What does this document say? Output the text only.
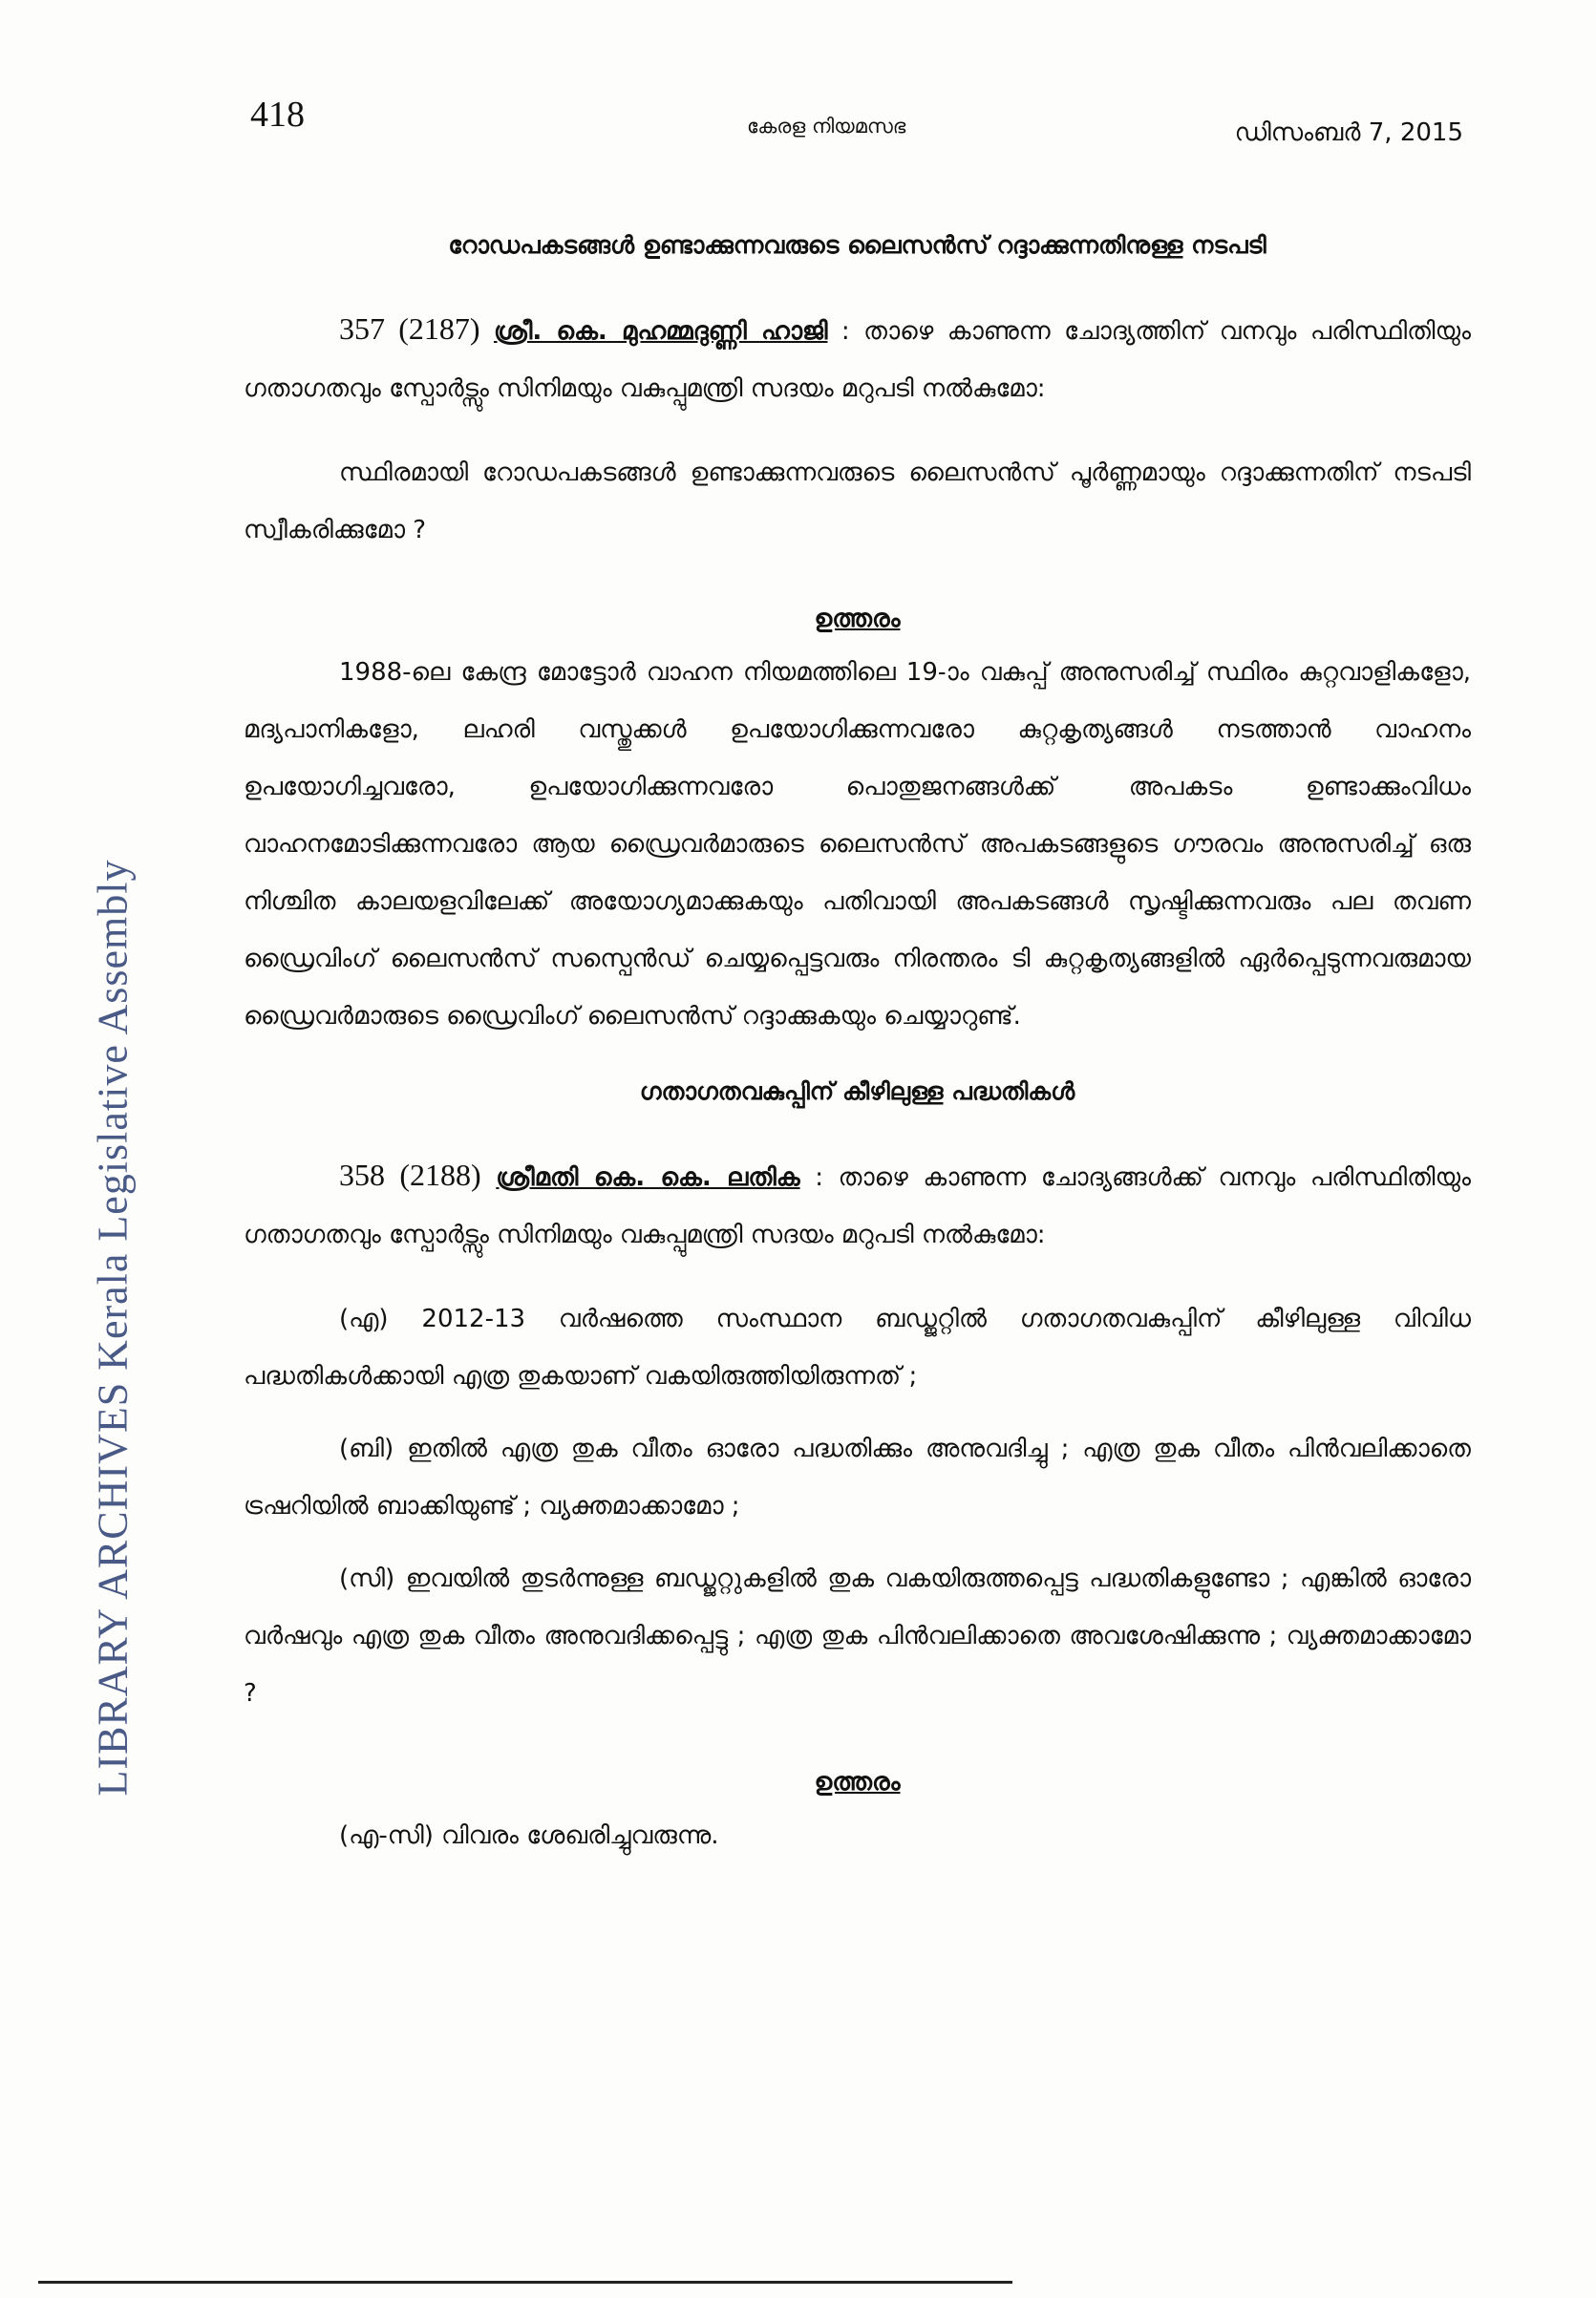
418	കേരള നിയമസഭ	ഡിസംബർ 7, 2015
LIBRARY ARCHIVES Kerala Legislative Assembly
റോഡപകടങ്ങൾ ഉണ്ടാക്കുന്നവരുടെ ലൈസൻസ് റദ്ദാക്കുന്നതിനുള്ള നടപടി

357 (2187) ശ്രീ. കെ. മുഹമ്മദുണ്ണി ഹാജി : താഴെ കാണുന്ന ചോദ്യത്തിന് വനവും പരിസ്ഥിതിയും ഗതാഗതവും സ്പോർട്സും സിനിമയും വകുപ്പുമന്ത്രി സദയം മറുപടി നൽകുമോ:

സ്ഥിരമായി റോഡപകടങ്ങൾ ഉണ്ടാക്കുന്നവരുടെ ലൈസൻസ് പൂർണ്ണമായും റദ്ദാക്കുന്നതിന് നടപടി സ്വീകരിക്കുമോ ?

ഉത്തരം

1988-ലെ കേന്ദ്ര മോട്ടോർ വാഹന നിയമത്തിലെ 19-ാം വകുപ്പ് അനുസരിച്ച് സ്ഥിരം കുറ്റവാളികളോ, മദ്യപാനികളോ, ലഹരി വസ്തുക്കൾ ഉപയോഗിക്കുന്നവരോ കുറ്റകൃത്യങ്ങൾ നടത്താൻ വാഹനം ഉപയോഗിച്ചവരോ, ഉപയോഗിക്കുന്നവരോ പൊതുജനങ്ങൾക്ക് അപകടം ഉണ്ടാക്കുംവിധം വാഹനമോടിക്കുന്നവരോ ആയ ഡ്രൈവർമാരുടെ ലൈസൻസ് അപകടങ്ങളുടെ ഗൗരവം അനുസരിച്ച് ഒരു നിശ്ചിത കാലയളവിലേക്ക് അയോഗ്യമാക്കുകയും പതിവായി അപകടങ്ങൾ സൃഷ്ടിക്കുന്നവരും പല തവണ ഡ്രൈവിംഗ് ലൈസൻസ് സസ്പെൻഡ് ചെയ്യപ്പെട്ടവരും നിരന്തരം ടി കുറ്റകൃത്യങ്ങളിൽ ഏർപ്പെടുന്നവരുമായ ഡ്രൈവർമാരുടെ ഡ്രൈവിംഗ് ലൈസൻസ് റദ്ദാക്കുകയും ചെയ്യാറുണ്ട്.

ഗതാഗതവകുപ്പിന് കീഴിലുള്ള പദ്ധതികൾ

358 (2188) ശ്രീമതി കെ. കെ. ലതിക : താഴെ കാണുന്ന ചോദ്യങ്ങൾക്ക് വനവും പരിസ്ഥിതിയും ഗതാഗതവും സ്പോർട്സും സിനിമയും വകുപ്പുമന്ത്രി സദയം മറുപടി നൽകുമോ:

(എ) 2012-13 വർഷത്തെ സംസ്ഥാന ബഡ്ജറ്റിൽ ഗതാഗതവകുപ്പിന് കീഴിലുള്ള വിവിധ പദ്ധതികൾക്കായി എത്ര തുകയാണ് വകയിരുത്തിയിരുന്നത് ;

(ബി) ഇതിൽ എത്ര തുക വീതം ഓരോ പദ്ധതിക്കും അനുവദിച്ചു ; എത്ര തുക വീതം പിൻവലിക്കാതെ ട്രഷറിയിൽ ബാക്കിയുണ്ട് ; വ്യക്തമാക്കാമോ ;

(സി) ഇവയിൽ തുടർന്നുള്ള ബഡ്ജറ്റുകളിൽ തുക വകയിരുത്തപ്പെട്ട പദ്ധതികളുണ്ടോ ; എങ്കിൽ ഓരോ വർഷവും എത്ര തുക വീതം അനുവദിക്കപ്പെട്ടു ; എത്ര തുക പിൻവലിക്കാതെ അവശേഷിക്കുന്നു ; വ്യക്തമാക്കാമോ ?

ഉത്തരം

(എ-സി) വിവരം ശേഖരിച്ചുവരുന്നു.
